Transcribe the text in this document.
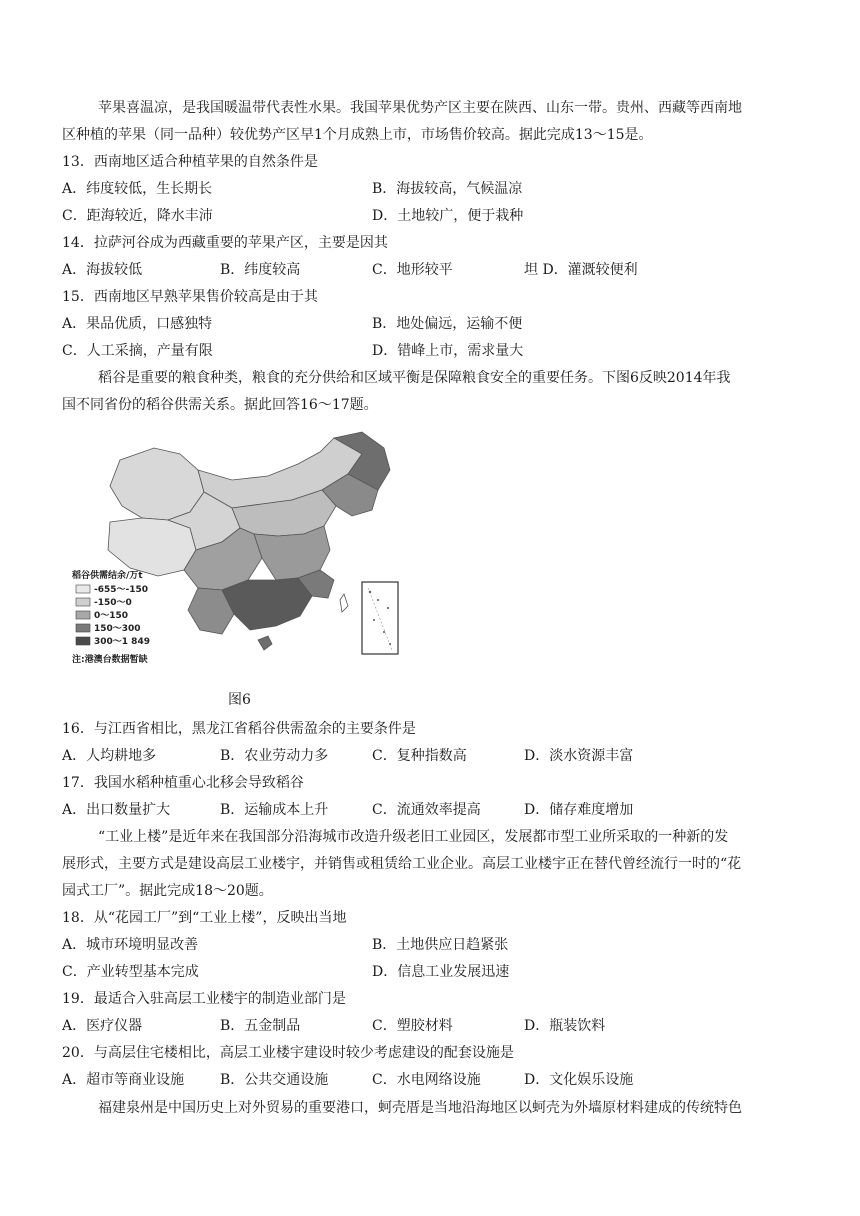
苹果喜温凉，是我国暖温带代表性水果。我国苹果优势产区主要在陕西、山东一带。贵州、西藏等西南地
区种植的苹果（同一品种）较优势产区早1个月成熟上市，市场售价较高。据此完成13～15是。
13．西南地区适合种植苹果的自然条件是
A．纬度较低，生长期长	B．海拔较高，气候温凉
C．距海较近，降水丰沛	D．土地较广，便于栽种
14．拉萨河谷成为西藏重要的苹果产区，主要是因其
A．海拔较低	B．纬度较高	C．地形较平	坦 D．灌溉较便利
15．西南地区早熟苹果售价较高是由于其
A．果品优质，口感独特	B．地处偏远，运输不便
C．人工采摘，产量有限	D．错峰上市，需求量大
稻谷是重要的粮食种类，粮食的充分供给和区域平衡是保障粮食安全的重要任务。下图6反映2014年我
国不同省份的稻谷供需关系。据此回答16～17题。
稻谷供需结余/万t
-655～-150
-150～0
0～150
150～300
300～1 849
注:港澳台数据暂缺
图6
16．与江西省相比，黑龙江省稻谷供需盈余的主要条件是
A．人均耕地多	B．农业劳动力多	C．复种指数高	D．淡水资源丰富
17．我国水稻种植重心北移会导致稻谷
A．出口数量扩大	B．运输成本上升	C．流通效率提高	D．储存难度增加
“工业上楼”是近年来在我国部分沿海城市改造升级老旧工业园区，发展都市型工业所采取的一种新的发
展形式，主要方式是建设高层工业楼宇，并销售或租赁给工业企业。高层工业楼宇正在替代曾经流行一时的“花
园式工厂”。据此完成18～20题。
18．从“花园工厂”到“工业上楼”，反映出当地
A．城市环境明显改善	B．土地供应日趋紧张
C．产业转型基本完成	D．信息工业发展迅速
19．最适合入驻高层工业楼宇的制造业部门是
A．医疗仪器	B．五金制品	C．塑胶材料	D．瓶装饮料
20．与高层住宅楼相比，高层工业楼宇建设时较少考虑建设的配套设施是
A．超市等商业设施	B．公共交通设施	C．水电网络设施	D．文化娱乐设施
福建泉州是中国历史上对外贸易的重要港口，蚵壳厝是当地沿海地区以蚵壳为外墙原材料建成的传统特色
